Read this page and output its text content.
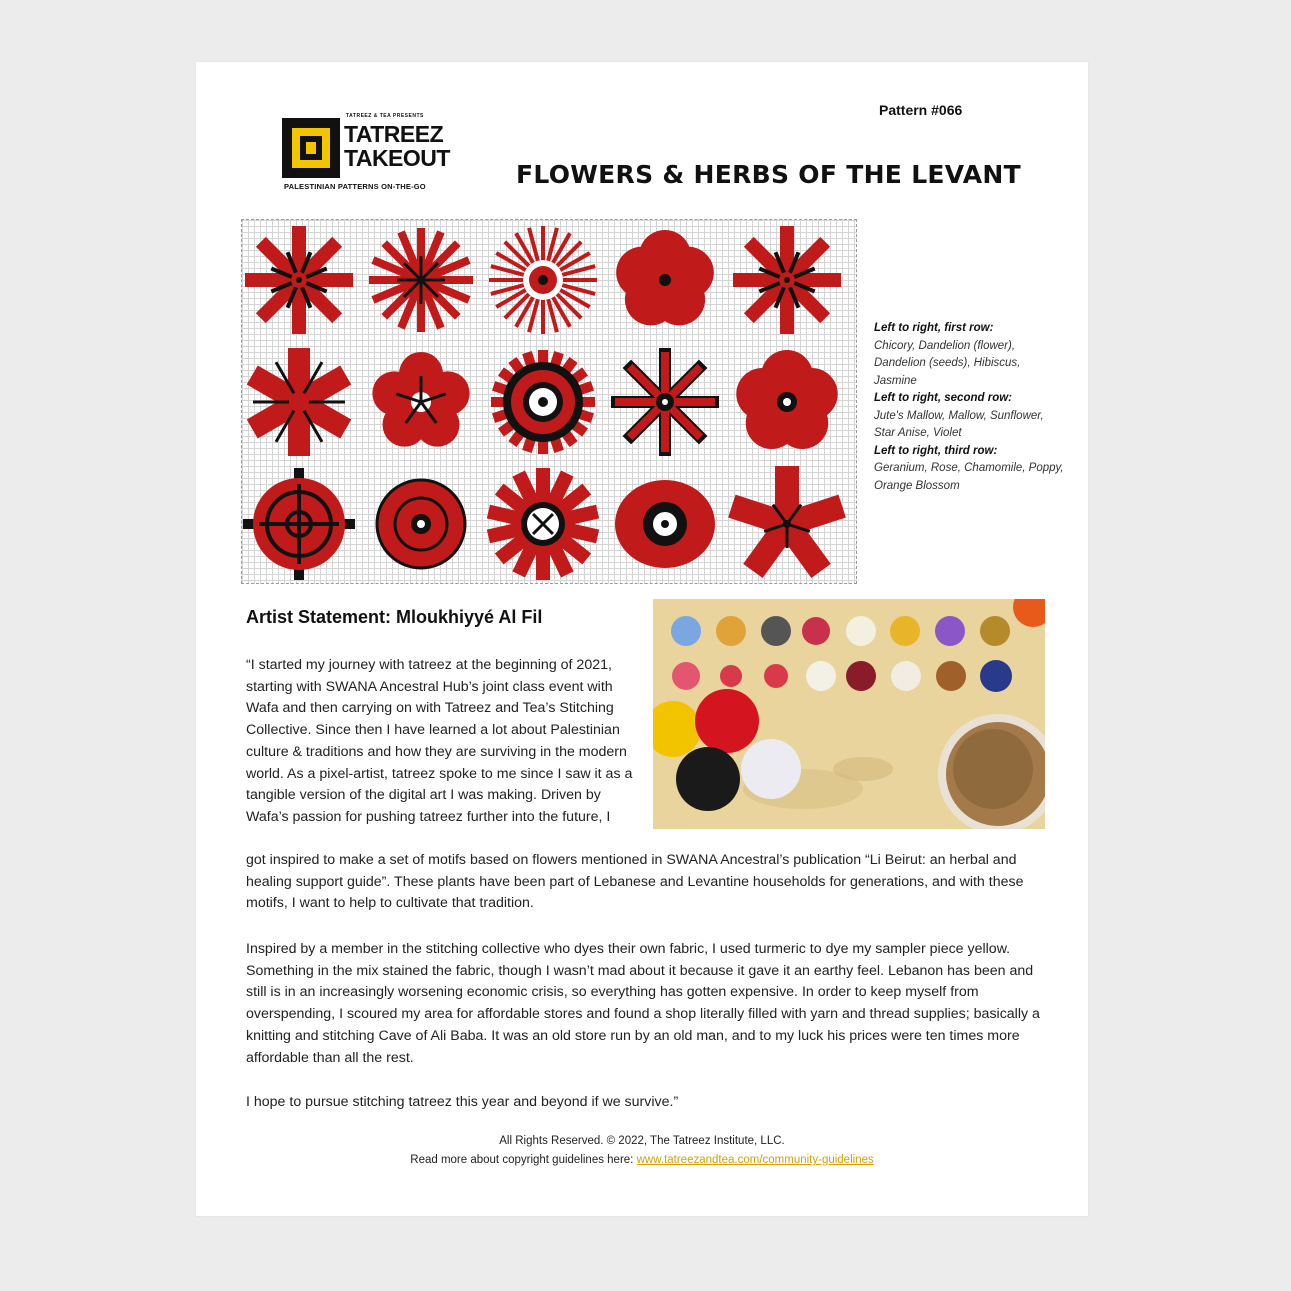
Pattern #066
TATREEZ & TEA PRESENTS
TATREEZ
TAKEOUT
PALESTINIAN PATTERNS ON-THE-GO	FLOWERS & HERBS OF THE LEVANT
Left to right, first row:
Chicory, Dandelion (flower), Dandelion (seeds), Hibiscus, Jasmine
Left to right, second row:
Jute's Mallow, Mallow, Sunflower, Star Anise, Violet
Left to right, third row:
Geranium, Rose, Chamomile, Poppy, Orange Blossom
Artist Statement: Mloukhiyyé Al Fil
“I started my journey with tatreez at the beginning of 2021, starting with SWANA Ancestral Hub’s joint class event with Wafa and then carrying on with Tatreez and Tea’s Stitching Collective. Since then I have learned a lot about Palestinian culture & traditions and how they are surviving in the modern world. As a pixel-artist, tatreez spoke to me since I saw it as a tangible version of the digital art I was making. Driven by Wafa’s passion for pushing tatreez further into the future, I
got inspired to make a set of motifs based on flowers mentioned in SWANA Ancestral’s publication “Li Beirut: an herbal and healing support guide”. These plants have been part of Lebanese and Levantine households for generations, and with these motifs, I want to help to cultivate that tradition.
Inspired by a member in the stitching collective who dyes their own fabric, I used turmeric to dye my sampler piece yellow. Something in the mix stained the fabric, though I wasn’t mad about it because it gave it an earthy feel. Lebanon has been and still is in an increasingly worsening economic crisis, so everything has gotten expensive. In order to keep myself from overspending, I scoured my area for affordable stores and found a shop literally filled with yarn and thread supplies; basically a knitting and stitching Cave of Ali Baba. It was an old store run by an old man, and to my luck his prices were ten times more affordable than all the rest.
I hope to pursue stitching tatreez this year and beyond if we survive.”
All Rights Reserved. © 2022, The Tatreez Institute, LLC.
Read more about copyright guidelines here: www.tatreezandtea.com/community-guidelines
